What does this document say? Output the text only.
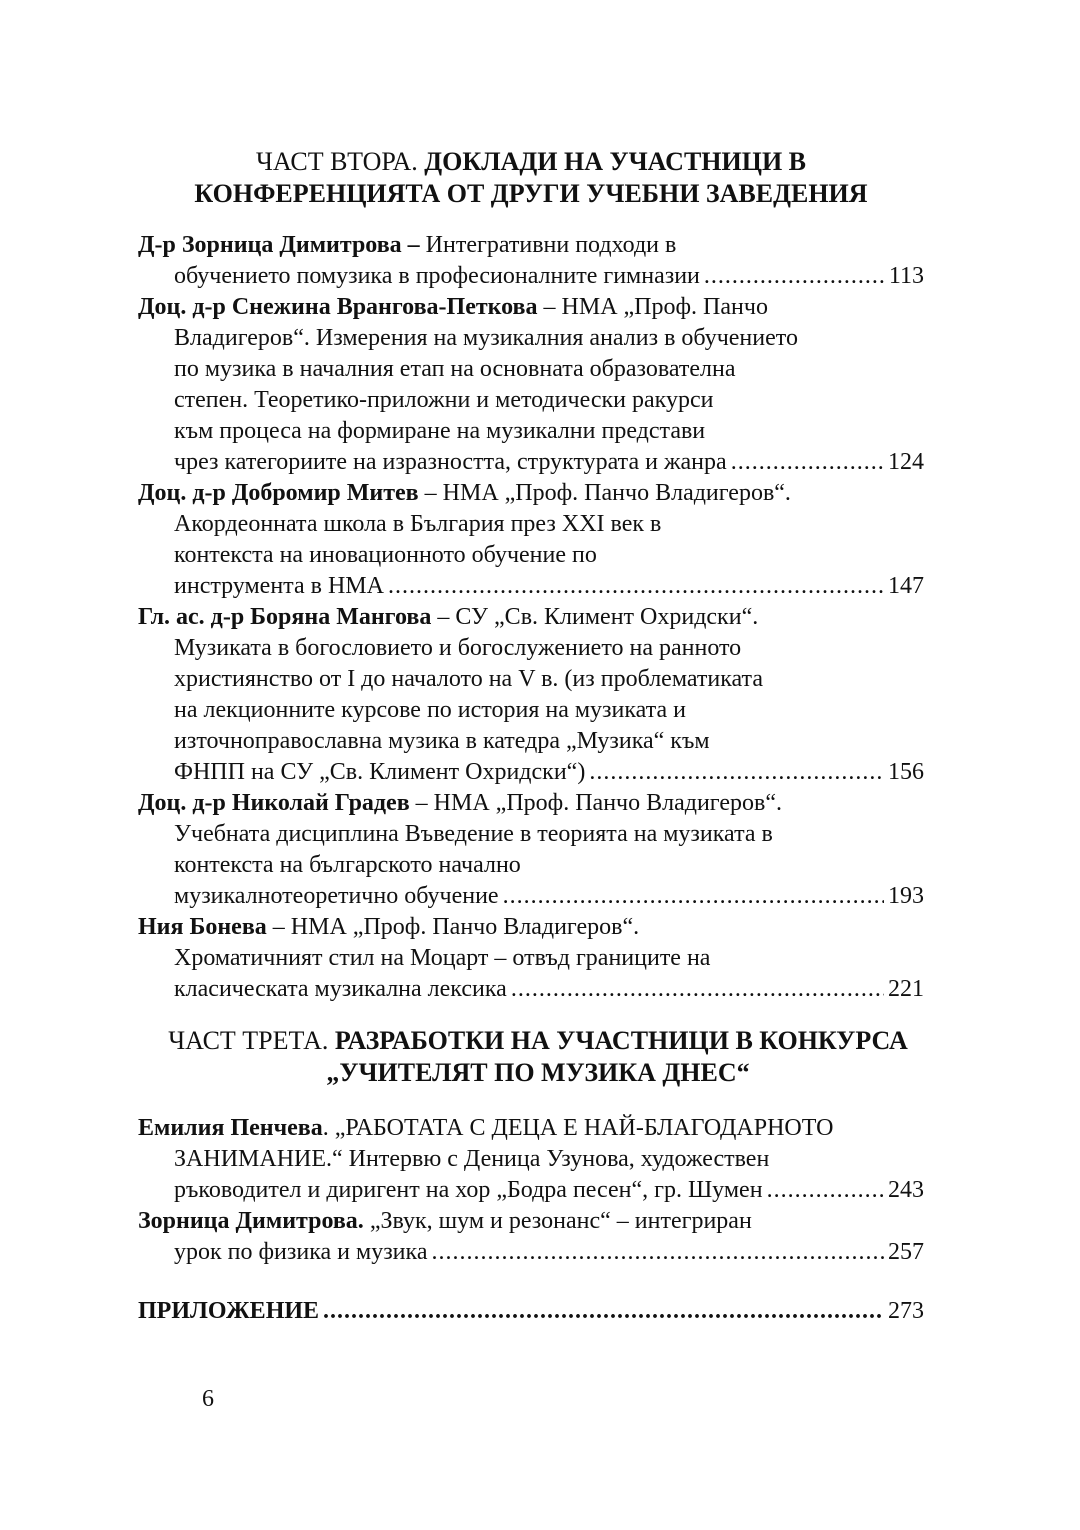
ЧАСТ ВТОРА. ДОКЛАДИ НА УЧАСТНИЦИ В
КОНФЕРЕНЦИЯТА ОТ ДРУГИ УЧЕБНИ ЗАВЕДЕНИЯ
Д-р Зорница Димитрова – Интегративни подходи в
обучението помузика в професионалните гимназии .....	113
Доц. д-р Снежина Врангова-Петкова – НМА „Проф. Панчо
Владигеров“. Измерения на музикалния анализ в обучението
по музика в началния етап на основната образователна
степен. Теоретико-приложни и методически ракурси
към процеса на формиране на музикални представи
чрез категориите на изразността, структурата и жанра .....	124
Доц. д-р Добромир Митев – НМА „Проф. Панчо Владигеров“.
Акордеонната школа в България през XXI век в
контекста на иновационното обучение по
инструмента в НМА .....	147
Гл. ас. д-р Боряна Мангова – СУ „Св. Климент Охридски“.
Музиката в богословието и богослужението на ранното
християнство от I до началото на V в. (из проблематиката
на лекционните курсове по история на музиката и
източноправославна музика в катедра „Музика“ към
ФНПП на СУ „Св. Климент Охридски“) .....	156
Доц. д-р Николай Градев – НМА „Проф. Панчо Владигеров“.
Учебната дисциплина Въведение в теорията на музиката в
контекста на българското начално
музикалнотеоретично обучение .....	193
Ния Бонева – НМА „Проф. Панчо Владигеров“.
Хроматичният стил на Моцарт – отвъд границите на
класическата музикална лексика .....	221
ЧАСТ ТРЕТА. РАЗРАБОТКИ НА УЧАСТНИЦИ В КОНКУРСА
„УЧИТЕЛЯТ ПО МУЗИКА ДНЕС“
Емилия Пенчева. „РАБОТАТА С ДЕЦА Е НАЙ-БЛАГОДАРНОТО
ЗАНИМАНИЕ.“ Интервю с Деница Узунова, художествен
ръководител и диригент на хор „Бодра песен“, гр. Шумен .....	243
Зорница Димитрова. „Звук, шум и резонанс“ – интегриран
урок по физика и музика .....	257
ПРИЛОЖЕНИЕ .....	273
6
